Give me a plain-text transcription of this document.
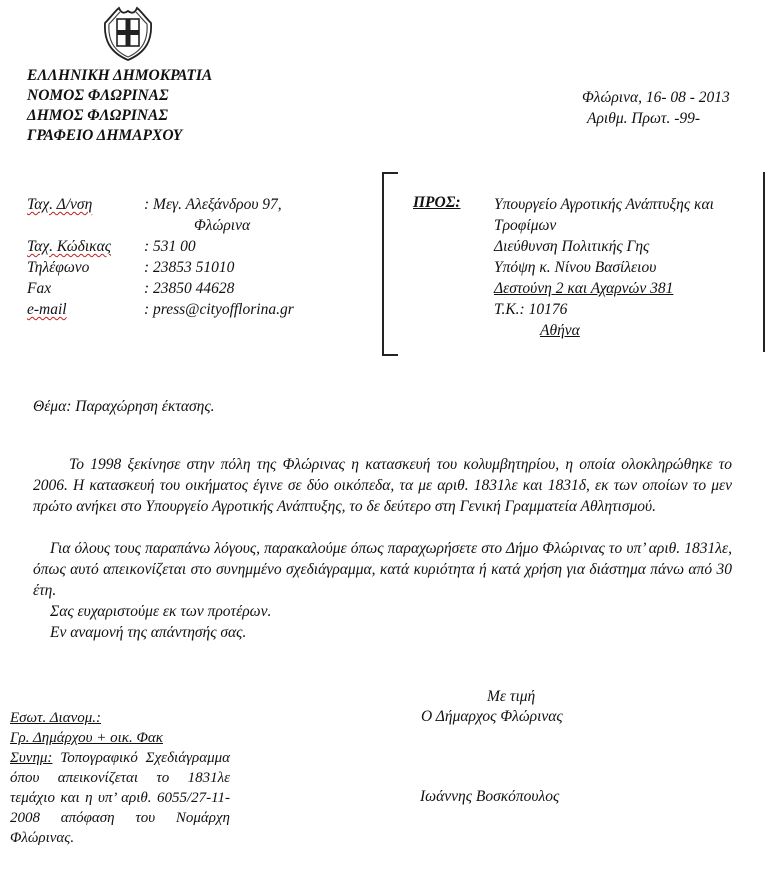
ΕΛΛΗΝΙΚΗ ΔΗΜΟΚΡΑΤΙΑ
ΝΟΜΟΣ ΦΛΩΡΙΝΑΣ
ΔΗΜΟΣ ΦΛΩΡΙΝΑΣ
ΓΡΑΦΕΙΟ ΔΗΜΑΡΧΟΥ
Φλώρινα, 16- 08 - 2013
Αριθμ. Πρωτ. -99-
Ταχ. Δ/νση	: Μεγ. Αλεξάνδρου 97,
Φλώρινα
Ταχ. Κώδικας	: 531 00
Τηλέφωνο	: 23853 51010
Fax	: 23850 44628
e-mail	: press@cityofflorina.gr
ΠΡΟΣ: Υπουργείο Αγροτικής Ανάπτυξης και
Τροφίμων
Διεύθυνση Πολιτικής Γης
Υπόψη κ. Νίνου Βασίλειου
Δεστούνη 2 και Αχαρνών 381
Τ.Κ.: 10176
Αθήνα
Θέμα: Παραχώρηση έκτασης.

Το 1998 ξεκίνησε στην πόλη της Φλώρινας η κατασκευή του κολυμβητηρίου, η οποία ολοκληρώθηκε το 2006. Η κατασκευή του οικήματος έγινε σε δύο οικόπεδα, τα με αριθ. 1831λε και 1831δ, εκ των οποίων το μεν πρώτο ανήκει στο Υπουργείο Αγροτικής Ανάπτυξης, το δε δεύτερο στη Γενική Γραμματεία Αθλητισμού.

Για όλους τους παραπάνω λόγους, παρακαλούμε όπως παραχωρήσετε στο Δήμο Φλώρινας το υπ’ αριθ. 1831λε, όπως αυτό απεικονίζεται στο συνημμένο σχεδιάγραμμα, κατά κυριότητα ή κατά χρήση για διάστημα πάνω από 30 έτη.

Σας ευχαριστούμε εκ των προτέρων.
Εν αναμονή της απάντησής σας.
Με τιμή
Ο Δήμαρχος Φλώρινας
Ιωάννης Βοσκόπουλος
Εσωτ. Διανομ.:
Γρ. Δημάρχου + οικ. Φακ
Συνημ: Τοπογραφικό Σχεδιάγραμμα όπου απεικονίζεται το 1831λε τεμάχιο και η υπ’ αριθ. 6055/27-11-2008 απόφαση του Νομάρχη Φλώρινας.
